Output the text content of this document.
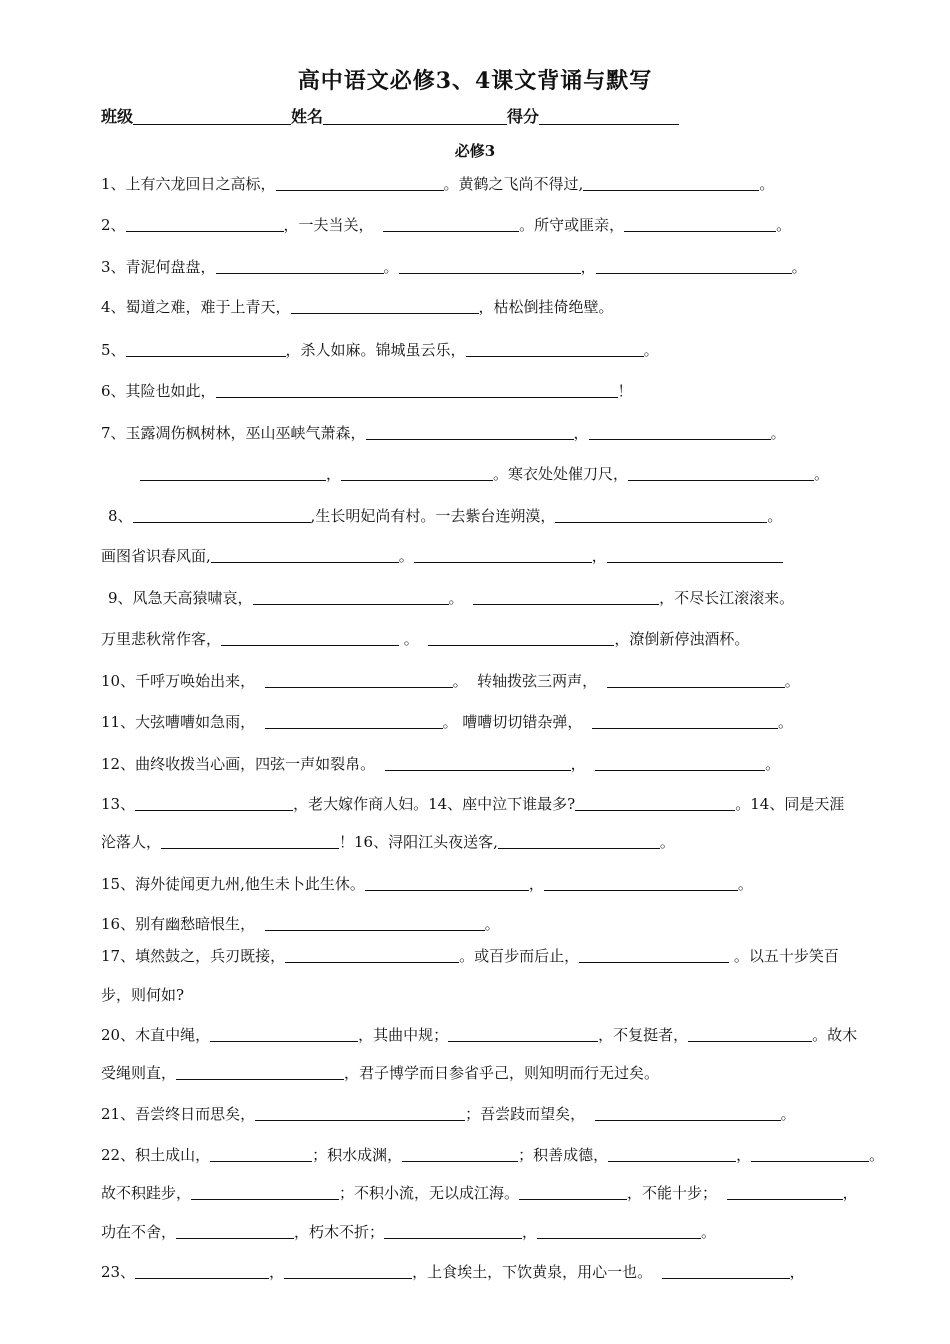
高中语文必修3、4课文背诵与默写
班级	姓名	得分
必修3
1、上有六龙回日之高标，	。黄鹤之飞尚不得过,	。
2、	，一夫当关，	。所守或匪亲，	。
3、青泥何盘盘，	。	，	。
4、蜀道之难，难于上青天，	，枯松倒挂倚绝壁。
5、	，杀人如麻。锦城虽云乐，	。
6、其险也如此，	！
7、玉露凋伤枫树林，巫山巫峡气萧森，	，	。
，	。寒衣处处催刀尺，	。
8、	,生长明妃尚有村。一去紫台连朔漠，	。
画图省识春风面,	。	，
9、风急天高猿啸哀，	。	，不尽长江滚滚来。
万里悲秋常作客，	。	，潦倒新停浊酒杯。
10、千呼万唤始出来，	。  转轴拨弦三两声，	。
11、大弦嘈嘈如急雨，	。 嘈嘈切切错杂弹，	。
12、曲终收拨当心画，四弦一声如裂帛。	，	。
13、	，老大嫁作商人妇。14、座中泣下谁最多?	。14、同是天涯
沦落人，	！16、浔阳江头夜送客,	。
15、海外徒闻更九州,他生未卜此生休。	，	。
16、别有幽愁暗恨生，	。
17、填然鼓之，兵刃既接，	。或百步而后止，	。以五十步笑百
步，则何如?
20、木直中绳，	，其曲中规；	，不复挺者，	。故木
受绳则直，	，君子博学而日参省乎己，则知明而行无过矣。
21、吾尝终日而思矣，	；吾尝跂而望矣，	。
22、积土成山，	；积水成渊，	；积善成德，	，	。
故不积跬步，	；不积小流，无以成江海。	，不能十步；	，
功在不舍，	，朽木不折；	，	。
23、	，	，上食埃土，下饮黄泉，用心一也。	，
